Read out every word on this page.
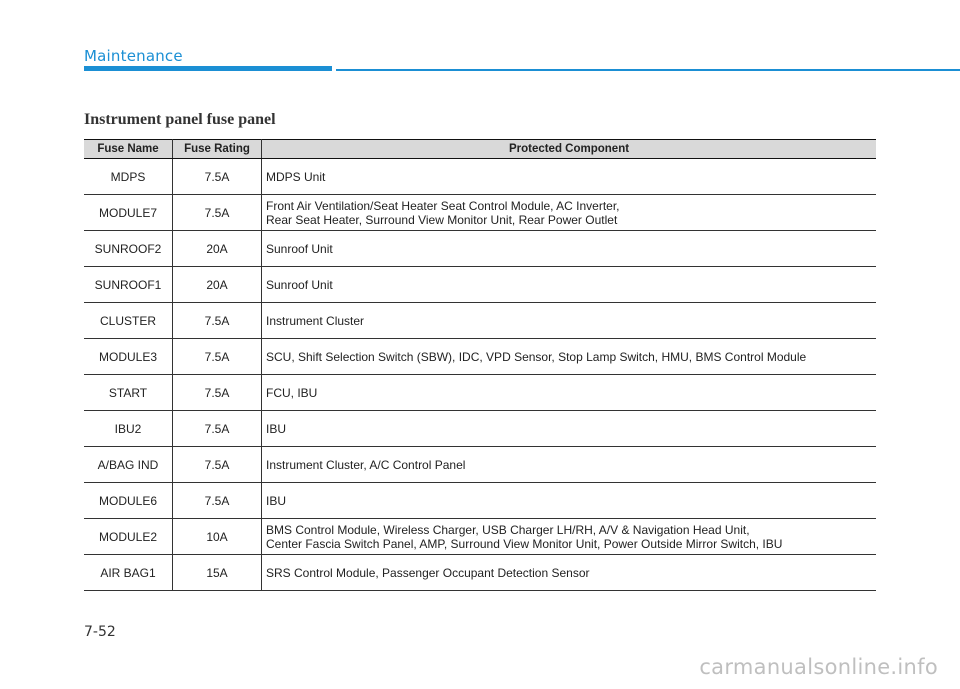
Maintenance
Instrument panel fuse panel
Fuse Name	Fuse Rating	Protected Component
MDPS	7.5A	MDPS Unit

MODULE7	7.5A	Front Air Ventilation/Seat Heater Seat Control Module, AC Inverter,
Rear Seat Heater, Surround View Monitor Unit, Rear Power Outlet

SUNROOF2	20A	Sunroof Unit

SUNROOF1	20A	Sunroof Unit

CLUSTER	7.5A	Instrument Cluster

MODULE3	7.5A	SCU, Shift Selection Switch (SBW), IDC, VPD Sensor, Stop Lamp Switch, HMU, BMS Control Module

START	7.5A	FCU, IBU

IBU2	7.5A	IBU

A/BAG IND	7.5A	Instrument Cluster, A/C Control Panel

MODULE6	7.5A	IBU

MODULE2	10A	BMS Control Module, Wireless Charger, USB Charger LH/RH, A/V & Navigation Head Unit,
Center Fascia Switch Panel, AMP, Surround View Monitor Unit, Power Outside Mirror Switch, IBU

AIR BAG1	15A	SRS Control Module, Passenger Occupant Detection Sensor
7-52
carmanualsonline.info
